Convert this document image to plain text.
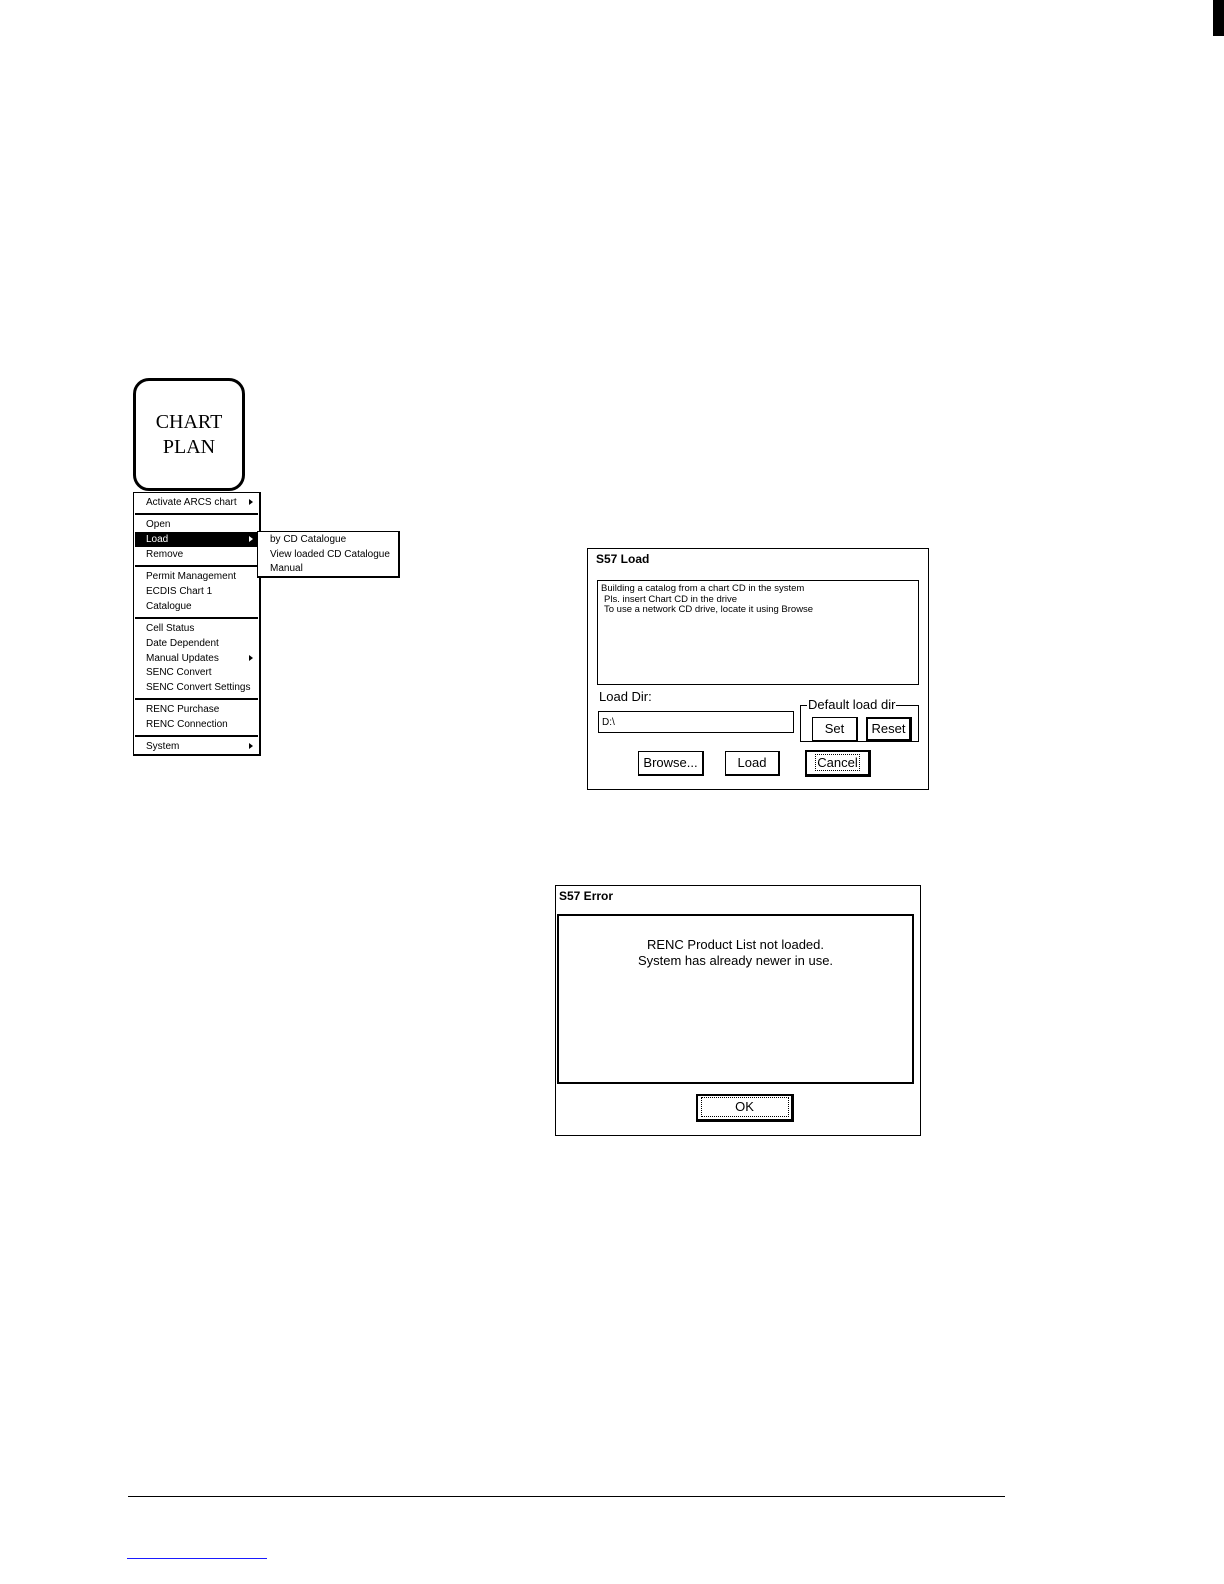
CHART
PLAN
Activate ARCS chart
Open
Load
Remove
Permit Management
ECDIS Chart 1
Catalogue
Cell Status
Date Dependent
Manual Updates
SENC Convert
SENC Convert Settings
RENC Purchase
RENC Connection
System
by CD Catalogue
View loaded CD Catalogue
Manual
S57 Load
Building a catalog from a chart CD in the system
Pls. insert Chart CD in the drive
To use a network CD drive, locate it using Browse
Load Dir:
D:\
Default load dir
Set	Reset
Browse...	Load	Cancel
S57 Error
RENC Product List not loaded.
System has already newer in use.
OK
